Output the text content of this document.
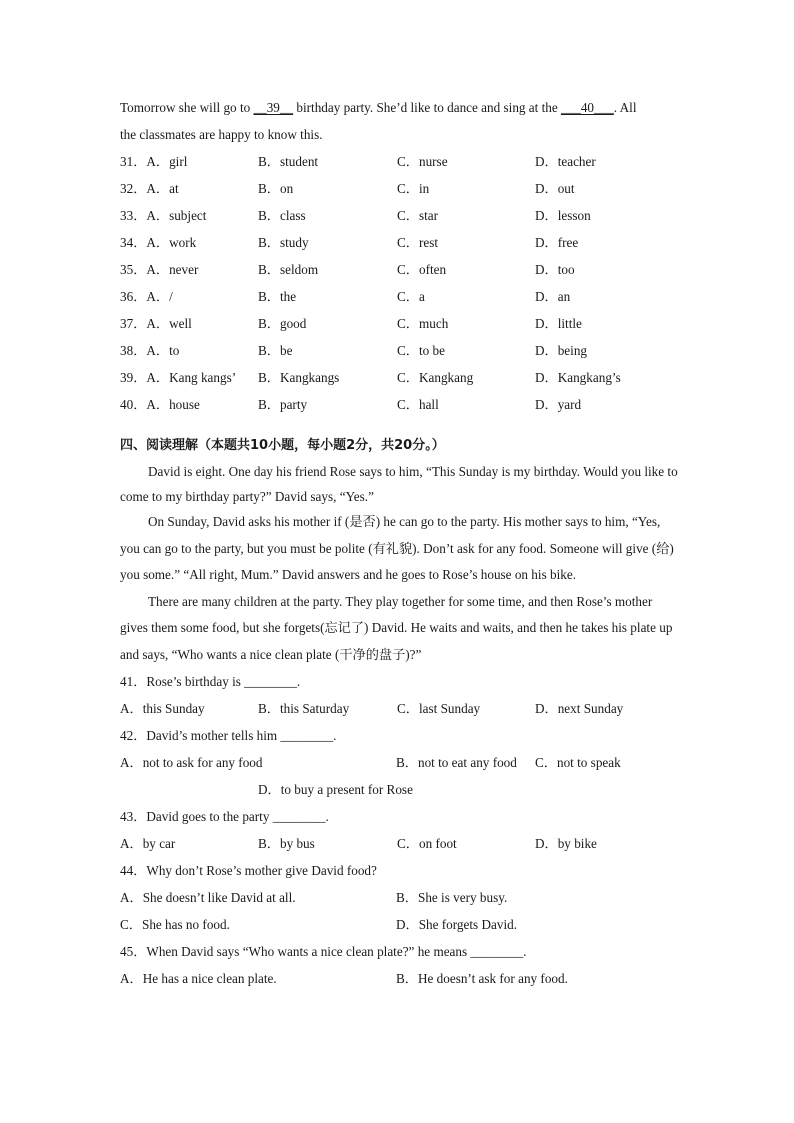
Tomorrow she will go to __39__ birthday party. She’d like to dance and sing at the ___40___. All
the classmates are happy to know this.
31．A．girl	B．student	C．nurse	D．teacher
32．A．at	B．on	C．in	D．out
33．A．subject	B．class	C．star	D．lesson
34．A．work	B．study	C．rest	D．free
35．A．never	B．seldom	C．often	D．too
36．A．/	B．the	C．a	D．an
37．A．well	B．good	C．much	D．little
38．A．to	B．be	C．to be	D．being
39．A．Kang kangs’ B．Kangkangs	C．Kangkang	D．Kangkang’s
40．A．house	B．party	C．hall	D．yard
四、阅读理解（本题共10小题，每小题2分，共20分。）
David is eight. One day his friend Rose says to him, “This Sunday is my birthday. Would you like to come to my birthday party?” David says, “Yes.”
On Sunday, David asks his mother if (是否) he can go to the party. His mother says to him, “Yes, you can go to the party, but you must be polite (有礼貌). Don’t ask for any food. Someone will give (给) you some.” “All right, Mum.” David answers and he goes to Rose’s house on his bike.
There are many children at the party. They play together for some time, and then Rose’s mother gives them some food, but she forgets(忘记了) David. He waits and waits, and then he takes his plate up and says, “Who wants a nice clean plate (干净的盘子)?”
41．Rose’s birthday is ________.
A．this Sunday	B．this Saturday	C．last Sunday	D．next Sunday
42．David’s mother tells him ________.
A．not to ask for any food	B．not to eat any food C．not to speak
D．to buy a present for Rose
43．David goes to the party ________.
A．by car	B．by bus	C．on foot	D．by bike
44．Why don’t Rose’s mother give David food?
A．She doesn’t like David at all.	B．She is very busy.
C．She has no food.	D．She forgets David.
45．When David says “Who wants a nice clean plate?” he means ________.
A．He has a nice clean plate.	B．He doesn’t ask for any food.
